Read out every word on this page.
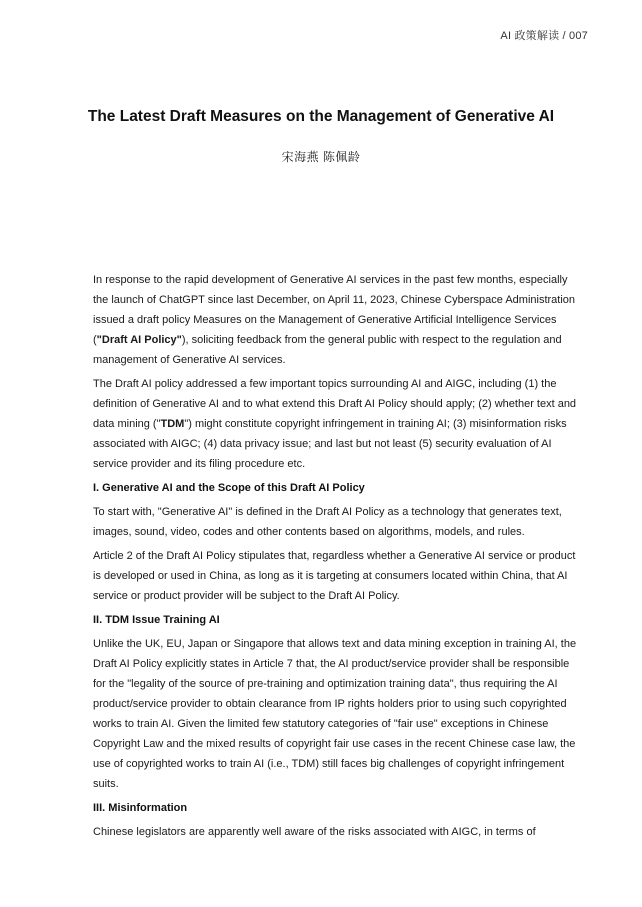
AI 政策解读 / 007
The Latest Draft Measures on the Management of Generative AI
宋海燕 陈佩龄

In response to the rapid development of Generative AI services in the past few months, especially the launch of ChatGPT since last December, on April 11, 2023, Chinese Cyberspace Administration issued a draft policy Measures on the Management of Generative Artificial Intelligence Services ("Draft AI Policy"), soliciting feedback from the general public with respect to the regulation and management of Generative AI services.

The Draft AI policy addressed a few important topics surrounding AI and AIGC, including (1) the definition of Generative AI and to what extend this Draft AI Policy should apply; (2) whether text and data mining ("TDM") might constitute copyright infringement in training AI; (3) misinformation risks associated with AIGC; (4) data privacy issue; and last but not least (5) security evaluation of AI service provider and its filing procedure etc.

I. Generative AI and the Scope of this Draft AI Policy

To start with, "Generative AI" is defined in the Draft AI Policy as a technology that generates text, images, sound, video, codes and other contents based on algorithms, models, and rules.

Article 2 of the Draft AI Policy stipulates that, regardless whether a Generative AI service or product is developed or used in China, as long as it is targeting at consumers located within China, that AI service or product provider will be subject to the Draft AI Policy.

II. TDM Issue Training AI

Unlike the UK, EU, Japan or Singapore that allows text and data mining exception in training AI, the Draft AI Policy explicitly states in Article 7 that, the AI product/service provider shall be responsible for the "legality of the source of pre-training and optimization training data", thus requiring the AI product/service provider to obtain clearance from IP rights holders prior to using such copyrighted works to train AI. Given the limited few statutory categories of "fair use" exceptions in Chinese Copyright Law and the mixed results of copyright fair use cases in the recent Chinese case law, the use of copyrighted works to train AI (i.e., TDM) still faces big challenges of copyright infringement suits.

III. Misinformation

Chinese legislators are apparently well aware of the risks associated with AIGC, in terms of
